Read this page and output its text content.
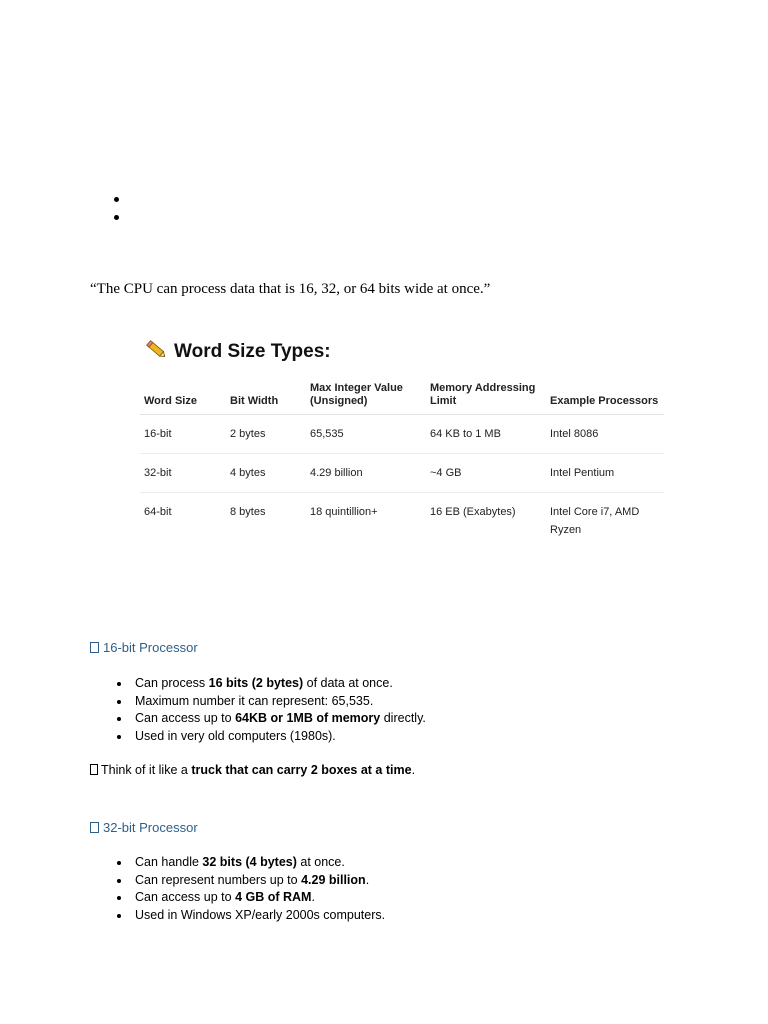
“The CPU can process data that is 16, 32, or 64 bits wide at once.”
Word Size Types:
Word Size	Bit Width	Max Integer Value (Unsigned)	Memory Addressing Limit	Example Processors
16-bit	2 bytes	65,535	64 KB to 1 MB	Intel 8086
32-bit	4 bytes	4.29 billion	~4 GB	Intel Pentium
64-bit	8 bytes	18 quintillion+	16 EB (Exabytes)	Intel Core i7, AMD Ryzen
16-bit Processor
Can process 16 bits (2 bytes) of data at once.
Maximum number it can represent: 65,535.
Can access up to 64KB or 1MB of memory directly.
Used in very old computers (1980s).
Think of it like a truck that can carry 2 boxes at a time.
32-bit Processor
Can handle 32 bits (4 bytes) at once.
Can represent numbers up to 4.29 billion.
Can access up to 4 GB of RAM.
Used in Windows XP/early 2000s computers.
